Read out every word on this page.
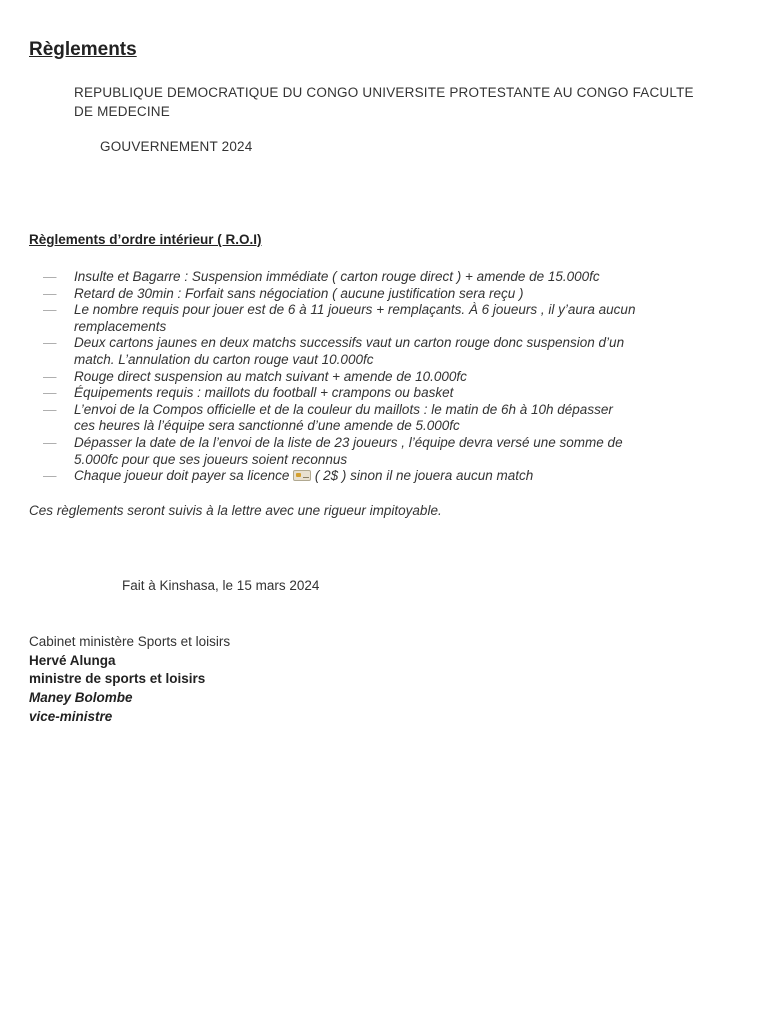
Règlements

REPUBLIQUE DEMOCRATIQUE DU CONGO UNIVERSITE PROTESTANTE AU CONGO FACULTE

DE MEDECINE

GOUVERNEMENT 2024

Règlements d’ordre intérieur ( R.O.I)

— Insulte et Bagarre : Suspension immédiate ( carton rouge direct ) + amende de 15.000fc
— Retard de 30min : Forfait sans négociation ( aucune justification sera reçu )
— Le nombre requis pour jouer est de 6 à 11 joueurs + remplaçants. À 6 joueurs , il y’aura aucun
remplacements
— Deux cartons jaunes en deux matchs successifs vaut un carton rouge donc suspension d’un
match. L’annulation du carton rouge vaut 10.000fc
— Rouge direct suspension au match suivant + amende de 10.000fc
— Équipements requis : maillots du football + crampons ou basket
— L’envoi de la Compos officielle et de la couleur du maillots : le matin de 6h à 10h dépasser
ces heures là l’équipe sera sanctionné d’une amende de 5.000fc
— Dépasser la date de la l’envoi de la liste de 23 joueurs , l’équipe devra versé une somme de
5.000fc pour que ses joueurs soient reconnus
— Chaque joueur doit payer sa licence ( 2$ ) sinon il ne jouera aucun match

Ces règlements seront suivis à la lettre avec une rigueur impitoyable.

Fait à Kinshasa, le 15 mars 2024

Cabinet ministère Sports et loisirs
Hervé Alunga
ministre de sports et loisirs
Maney Bolombe
vice-ministre
